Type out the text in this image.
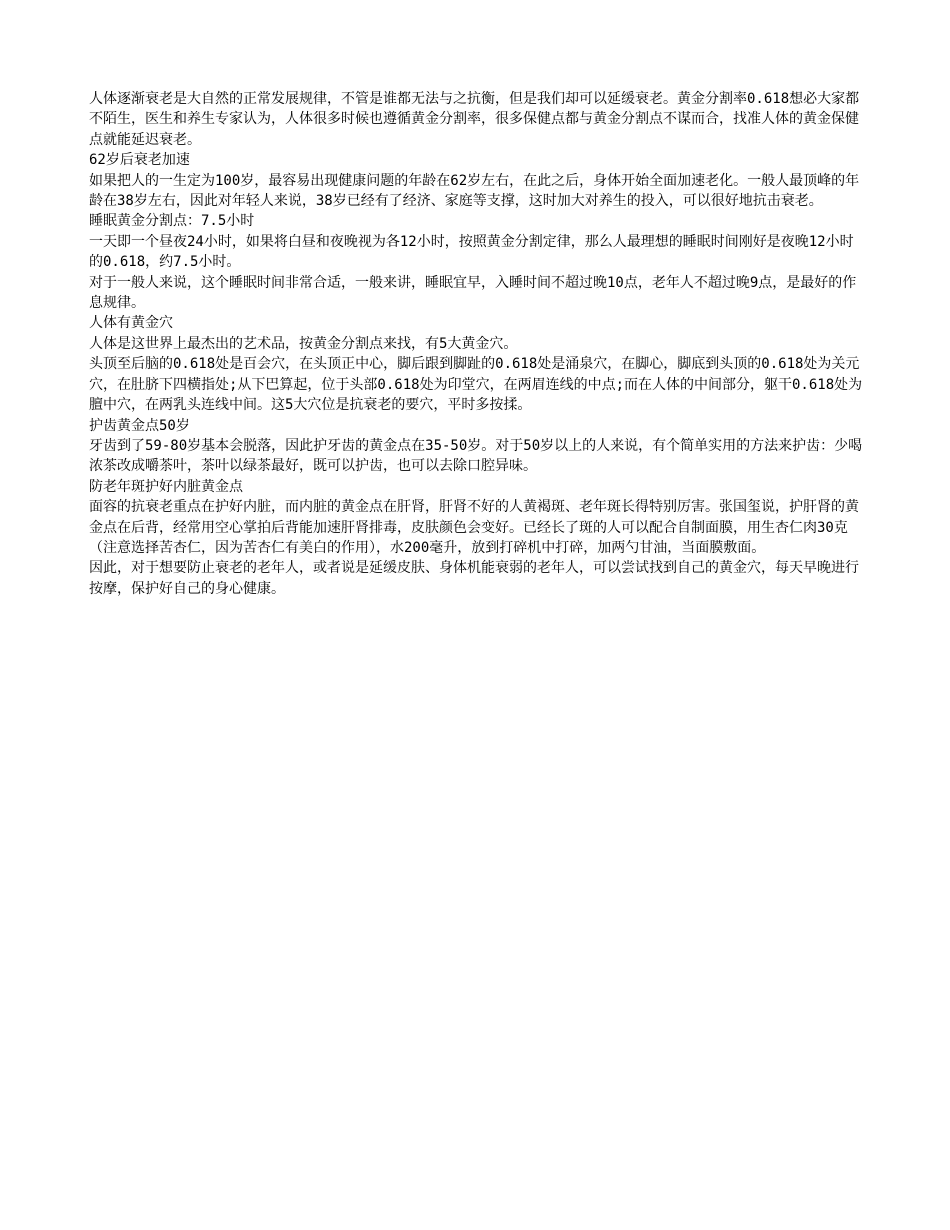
人体逐渐衰老是大自然的正常发展规律，不管是谁都无法与之抗衡，但是我们却可以延缓衰老。黄金分割率0.618想必大家都不陌生，医生和养生专家认为，人体很多时候也遵循黄金分割率，很多保健点都与黄金分割点不谋而合，找准人体的黄金保健点就能延迟衰老。

62岁后衰老加速

如果把人的一生定为100岁，最容易出现健康问题的年龄在62岁左右，在此之后，身体开始全面加速老化。一般人最顶峰的年龄在38岁左右，因此对年轻人来说，38岁已经有了经济、家庭等支撑，这时加大对养生的投入，可以很好地抗击衰老。

睡眠黄金分割点：7.5小时

一天即一个昼夜24小时，如果将白昼和夜晚视为各12小时，按照黄金分割定律，那么人最理想的睡眠时间刚好是夜晚12小时的0.618，约7.5小时。

对于一般人来说，这个睡眠时间非常合适，一般来讲，睡眠宜早，入睡时间不超过晚10点，老年人不超过晚9点，是最好的作息规律。

人体有黄金穴

人体是这世界上最杰出的艺术品，按黄金分割点来找，有5大黄金穴。

头顶至后脑的0.618处是百会穴，在头顶正中心，脚后跟到脚趾的0.618处是涌泉穴，在脚心，脚底到头顶的0.618处为关元穴，在肚脐下四横指处;从下巴算起，位于头部0.618处为印堂穴，在两眉连线的中点;而在人体的中间部分，躯干0.618处为膻中穴，在两乳头连线中间。这5大穴位是抗衰老的要穴，平时多按揉。

护齿黄金点50岁

牙齿到了59-80岁基本会脱落，因此护牙齿的黄金点在35-50岁。对于50岁以上的人来说，有个简单实用的方法来护齿：少喝浓茶改成嚼茶叶，茶叶以绿茶最好，既可以护齿，也可以去除口腔异味。

防老年斑护好内脏黄金点

面容的抗衰老重点在护好内脏，而内脏的黄金点在肝肾，肝肾不好的人黄褐斑、老年斑长得特别厉害。张国玺说，护肝肾的黄金点在后背，经常用空心掌拍后背能加速肝肾排毒，皮肤颜色会变好。已经长了斑的人可以配合自制面膜，用生杏仁肉30克（注意选择苦杏仁，因为苦杏仁有美白的作用），水200毫升，放到打碎机中打碎，加两勺甘油，当面膜敷面。

因此，对于想要防止衰老的老年人，或者说是延缓皮肤、身体机能衰弱的老年人，可以尝试找到自己的黄金穴，每天早晚进行按摩，保护好自己的身心健康。
